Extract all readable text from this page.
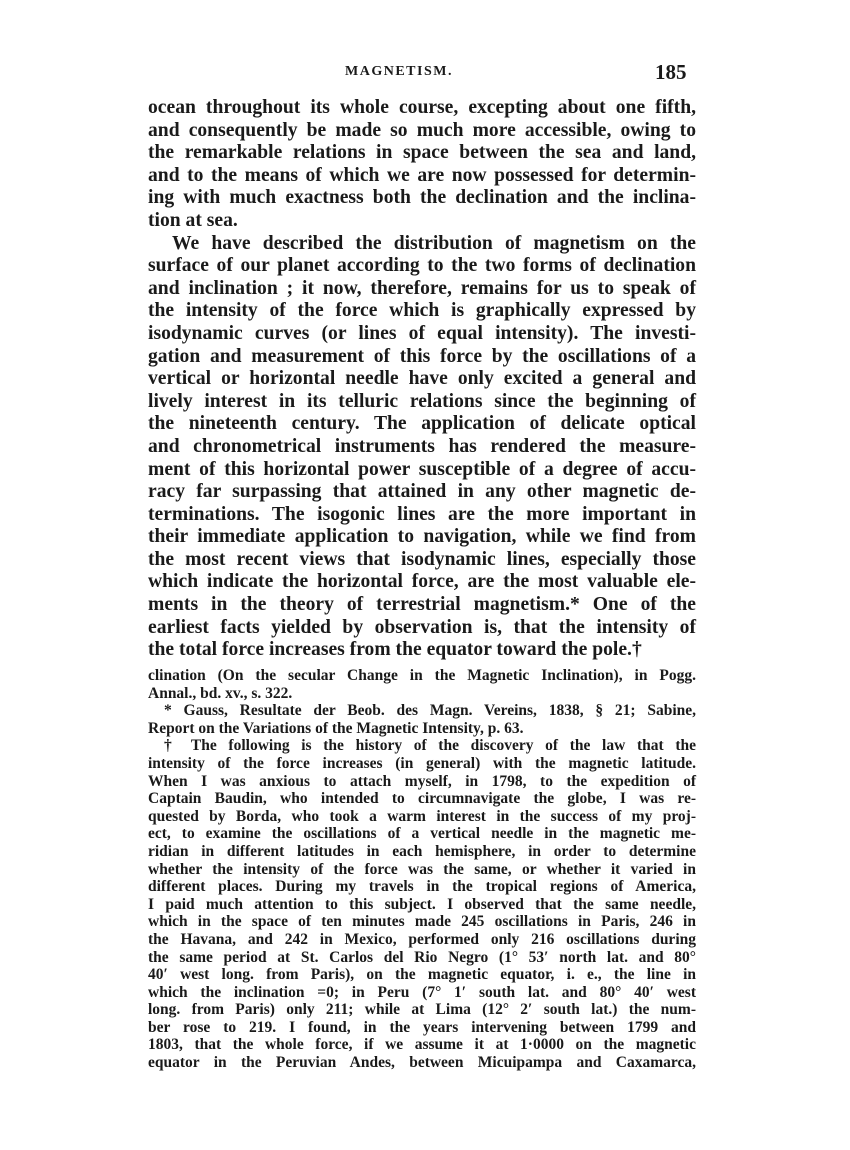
MAGNETISM.	185
ocean throughout its whole course, excepting about one fifth,
and consequently be made so much more accessible, owing to
the remarkable relations in space between the sea and land,
and to the means of which we are now possessed for determin-
ing with much exactness both the declination and the inclina-
tion at sea.
We have described the distribution of magnetism on the
surface of our planet according to the two forms of declination
and inclination ; it now, therefore, remains for us to speak of
the intensity of the force which is graphically expressed by
isodynamic curves (or lines of equal intensity). The investi-
gation and measurement of this force by the oscillations of a
vertical or horizontal needle have only excited a general and
lively interest in its telluric relations since the beginning of
the nineteenth century. The application of delicate optical
and chronometrical instruments has rendered the measure-
ment of this horizontal power susceptible of a degree of accu-
racy far surpassing that attained in any other magnetic de-
terminations. The isogonic lines are the more important in
their immediate application to navigation, while we find from
the most recent views that isodynamic lines, especially those
which indicate the horizontal force, are the most valuable ele-
ments in the theory of terrestrial magnetism.* One of the
earliest facts yielded by observation is, that the intensity of
the total force increases from the equator toward the pole.†
clination (On the secular Change in the Magnetic Inclination), in Pogg.
Annal., bd. xv., s. 322.
* Gauss, Resultate der Beob. des Magn. Vereins, 1838, § 21; Sabine,
Report on the Variations of the Magnetic Intensity, p. 63.
† The following is the history of the discovery of the law that the
intensity of the force increases (in general) with the magnetic latitude.
When I was anxious to attach myself, in 1798, to the expedition of
Captain Baudin, who intended to circumnavigate the globe, I was re-
quested by Borda, who took a warm interest in the success of my proj-
ect, to examine the oscillations of a vertical needle in the magnetic me-
ridian in different latitudes in each hemisphere, in order to determine
whether the intensity of the force was the same, or whether it varied in
different places. During my travels in the tropical regions of America,
I paid much attention to this subject. I observed that the same needle,
which in the space of ten minutes made 245 oscillations in Paris, 246 in
the Havana, and 242 in Mexico, performed only 216 oscillations during
the same period at St. Carlos del Rio Negro (1° 53′ north lat. and 80°
40′ west long. from Paris), on the magnetic equator, i. e., the line in
which the inclination =0; in Peru (7° 1′ south lat. and 80° 40′ west
long. from Paris) only 211; while at Lima (12° 2′ south lat.) the num-
ber rose to 219. I found, in the years intervening between 1799 and
1803, that the whole force, if we assume it at 1·0000 on the magnetic
equator in the Peruvian Andes, between Micuipampa and Caxamarca,
